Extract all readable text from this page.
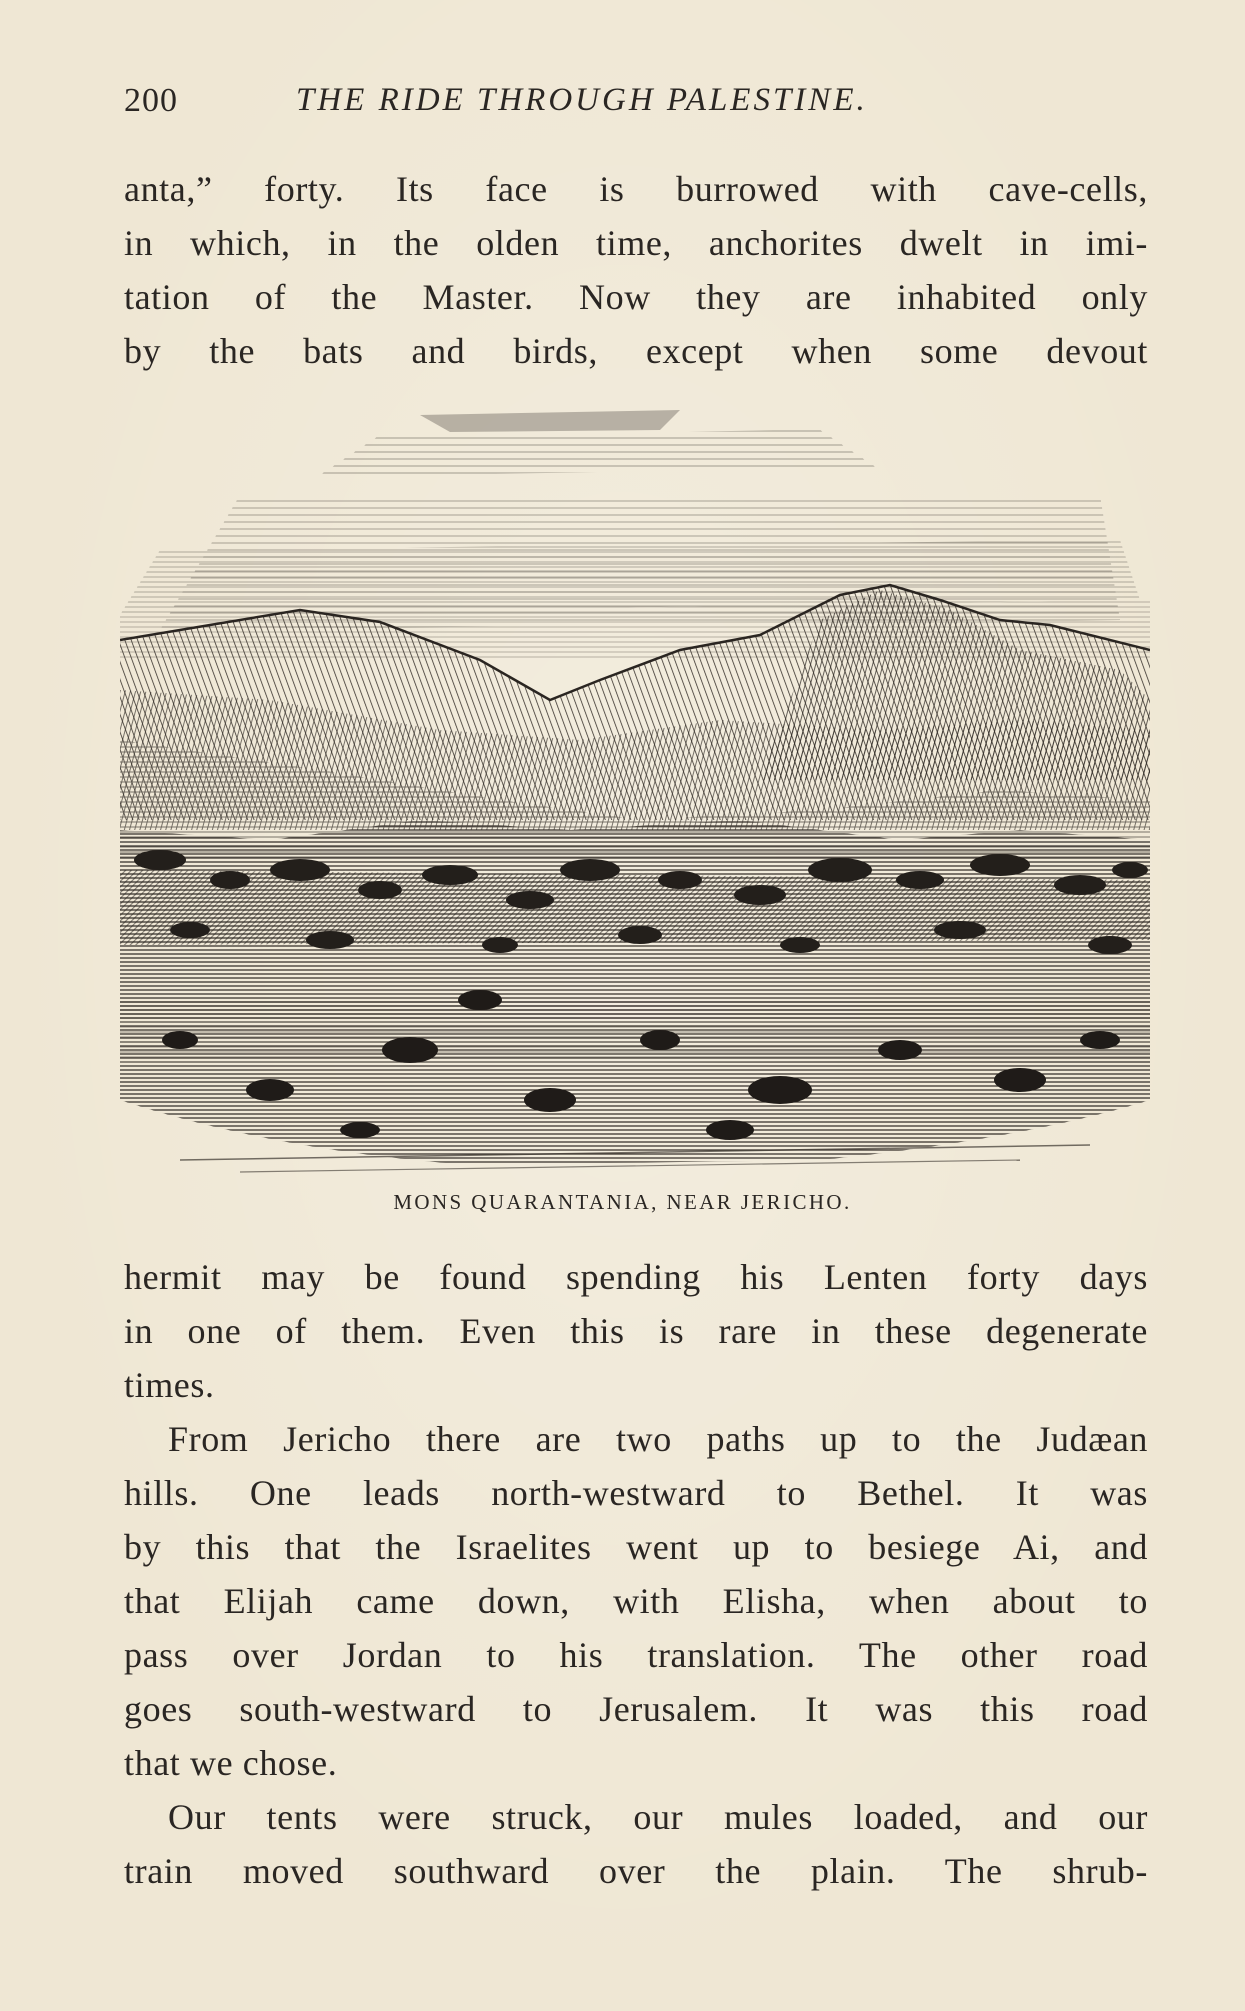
200	THE RIDE THROUGH PALESTINE.
anta,” forty. Its face is burrowed with cave-cells,
in which, in the olden time, anchorites dwelt in imi-
tation of the Master. Now they are inhabited only
by the bats and birds, except when some devout
MONS QUARANTANIA, NEAR JERICHO.
hermit may be found spending his Lenten forty days
in one of them. Even this is rare in these degenerate
times.
From Jericho there are two paths up to the Judæan
hills. One leads north-westward to Bethel. It was
by this that the Israelites went up to besiege Ai, and
that Elijah came down, with Elisha, when about to
pass over Jordan to his translation. The other road
goes south-westward to Jerusalem. It was this road
that we chose.
Our tents were struck, our mules loaded, and our
train moved southward over the plain. The shrub-
